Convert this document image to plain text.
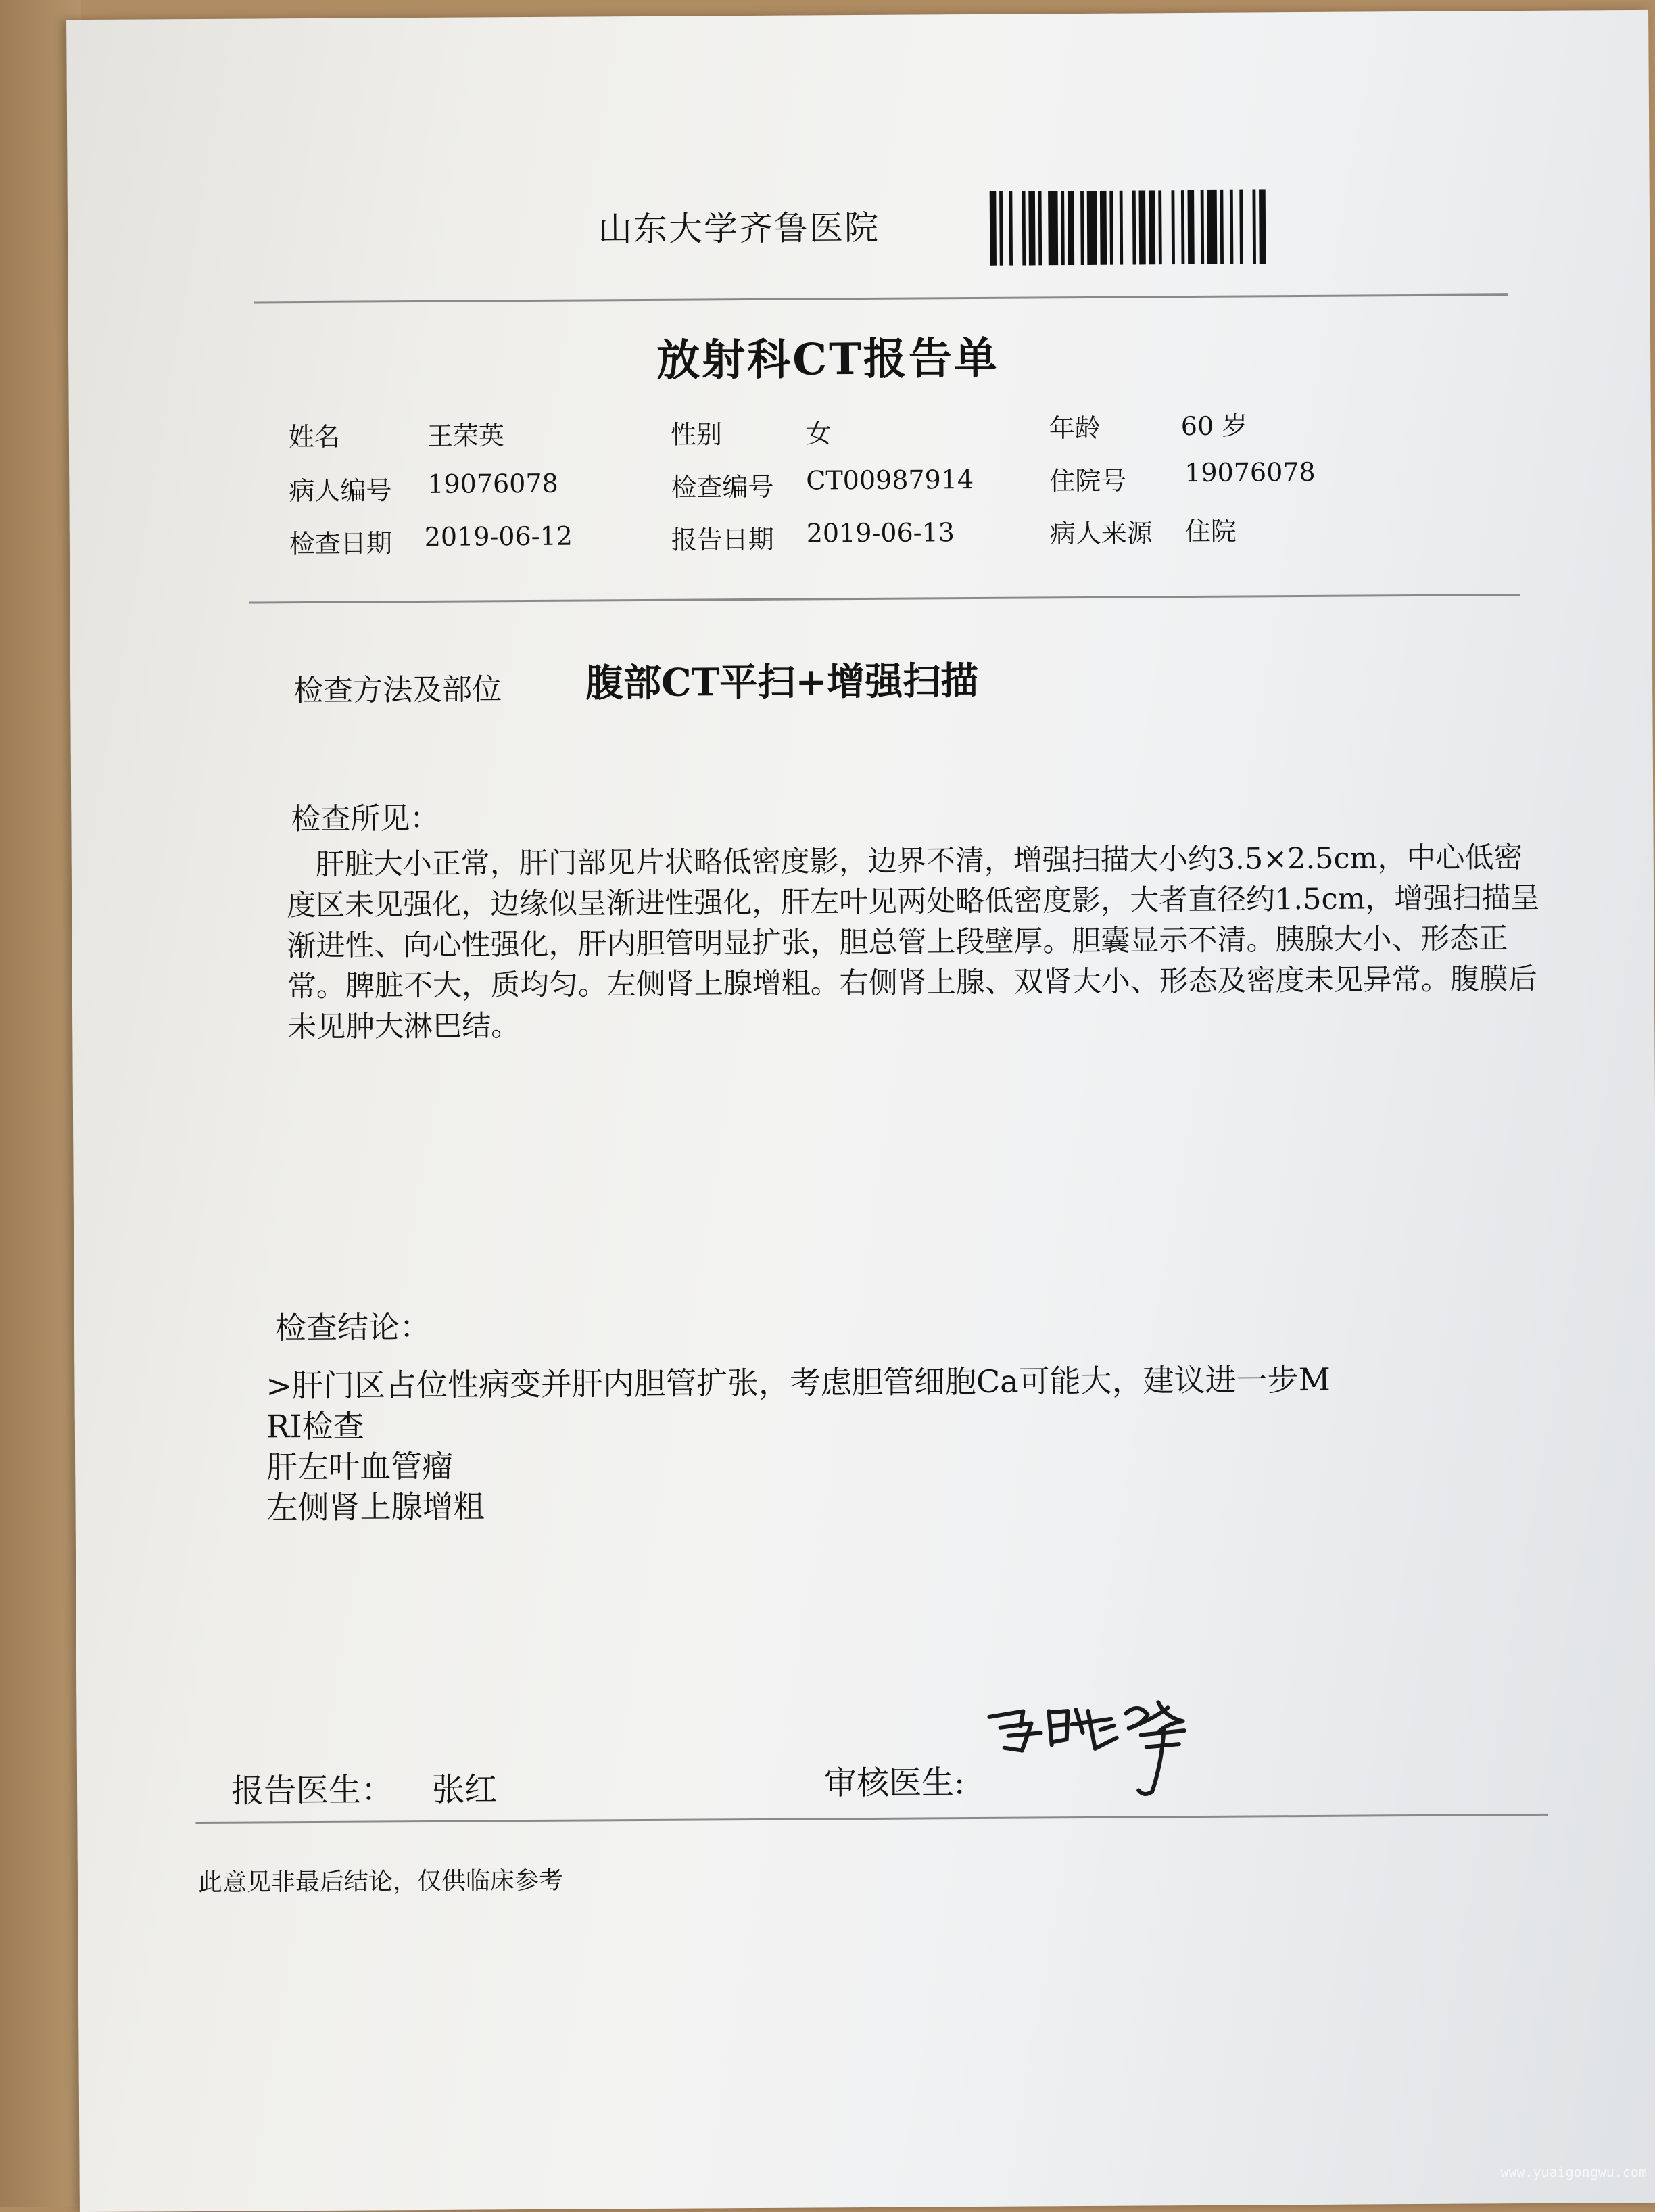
山东大学齐鲁医院
放射科CT报告单
姓名	王荣英	性别	女	年龄	60 岁
病人编号 19076078	检查编号 CT00987914	住院号 19076078
检查日期 2019-06-12	报告日期 2019-06-13	病人来源 住院
检查方法及部位 腹部CT平扫+增强扫描
检查所见：

　肝脏大小正常，肝门部见片状略低密度影，边界不清，增强扫描大小约3.5×2.5cm，中心低密度区未见强化，边缘似呈渐进性强化，肝左叶见两处略低密度影，大者直径约1.5cm，增强扫描呈渐进性、向心性强化，肝内胆管明显扩张，胆总管上段壁厚。胆囊显示不清。胰腺大小、形态正常。脾脏不大，质均匀。左侧肾上腺增粗。右侧肾上腺、双肾大小、形态及密度未见异常。腹膜后未见肿大淋巴结。

检查结论：
>肝门区占位性病变并肝内胆管扩张，考虑胆管细胞Ca可能大，建议进一步M
RI检查
肝左叶血管瘤
左侧肾上腺增粗
报告医生： 张红	审核医生:
此意见非最后结论，仅供临床参考
www.yuaigongwu.com
